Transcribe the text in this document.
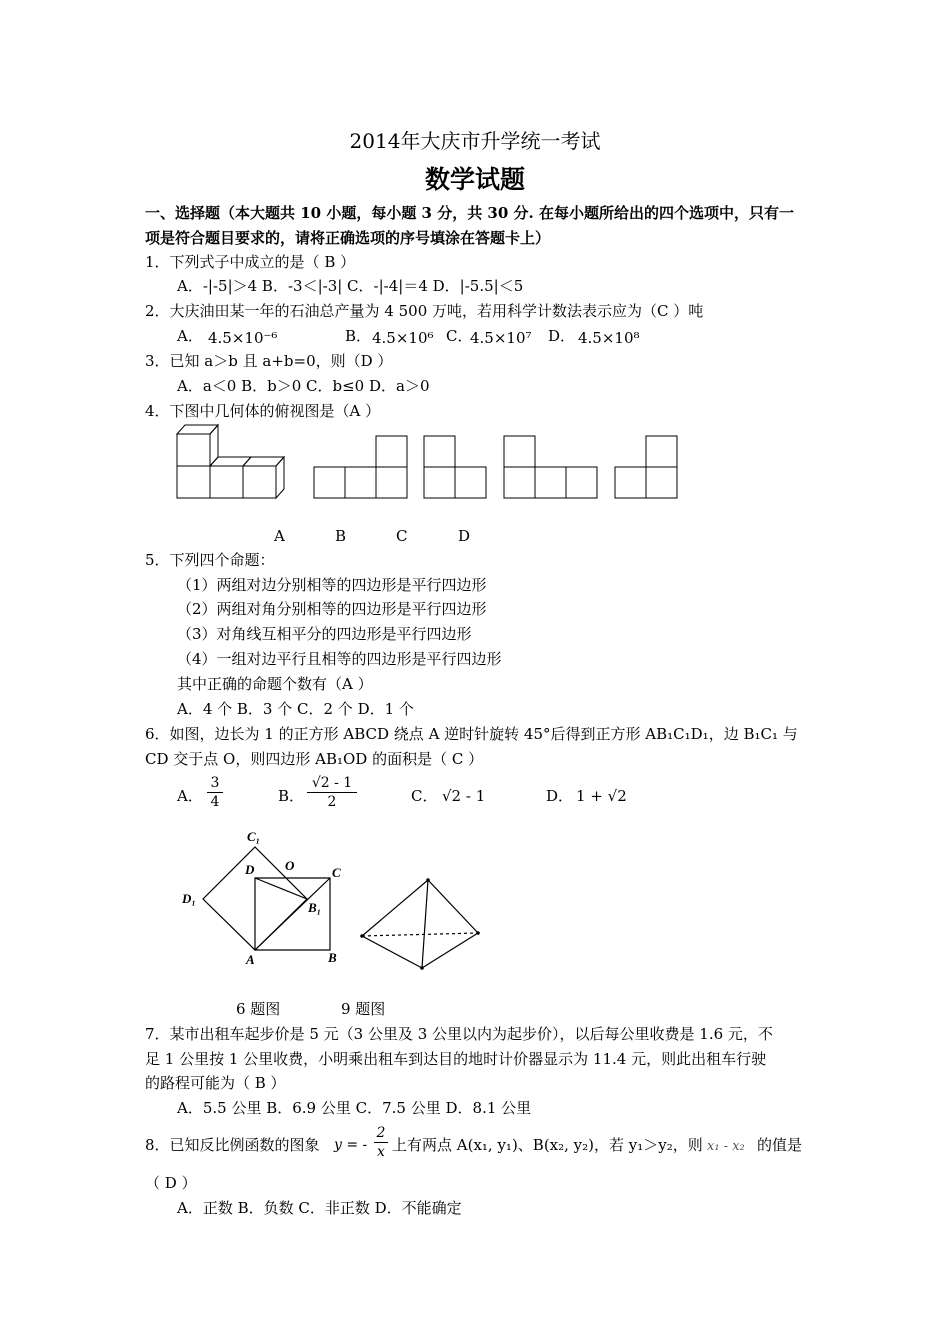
2014年大庆市升学统一考试
数学试题
一、选择题（本大题共 10 小题，每小题 3 分，共 30 分. 在每小题所给出的四个选项中，只有一
项是符合题目要求的，请将正确选项的序号填涂在答题卡上）
1．下列式子中成立的是（ B ）
A．-|-5|＞4 B．-3＜|-3| C．-|-4|＝4 D．|-5.5|＜5
2．大庆油田某一年的石油总产量为 4 500 万吨，若用科学计数法表示应为（C ）吨
A． 4.5×10⁻⁶	B． 4.5×10⁶ C．
4.5×10⁷ D． 4.5×10⁸
3．已知 a＞b 且 a+b=0，则（D ）
A．a＜0 B．b＞0 C．b≤0 D．a＞0
4．下图中几何体的俯视图是（A ）
A	B	C	D
5．下列四个命题：
（1）两组对边分别相等的四边形是平行四边形
（2）两组对角分别相等的四边形是平行四边形
（3）对角线互相平分的四边形是平行四边形
（4）一组对边平行且相等的四边形是平行四边形
其中正确的命题个数有（A ）
A．4 个 B．3 个 C．2 个 D．1 个
6．如图，边长为 1 的正方形 ABCD 绕点 A 逆时针旋转 45°后得到正方形 AB₁C₁D₁，边 B₁C₁ 与
CD 交于点 O，则四边形 AB₁OD 的面积是（ C ）
A． $\frac{3}{4}$	B． $\frac{√2 - 1}{2}$	C． √2 - 1	D． 1 + √2
C₁
D O	C
D₁
B₁
A	B
6 题图	9 题图
7．某市出租车起步价是 5 元（3 公里及 3 公里以内为起步价），以后每公里收费是 1.6 元，不
足 1 公里按 1 公里收费，小明乘出租车到达目的地时计价器显示为 11.4 元，则此出租车行驶
的路程可能为（ B ）
A．5.5 公里 B．6.9 公里 C．7.5 公里 D．8.1 公里
8．已知反比例函数的图象 y = - $\frac{2}{x}$ 上有两点 A(x₁, y₁)、B(x₂, y₂)，若 y₁＞y₂，则 x₁ - x₂ 的值是
（ D ）
A．正数 B．负数 C．非正数 D．不能确定
